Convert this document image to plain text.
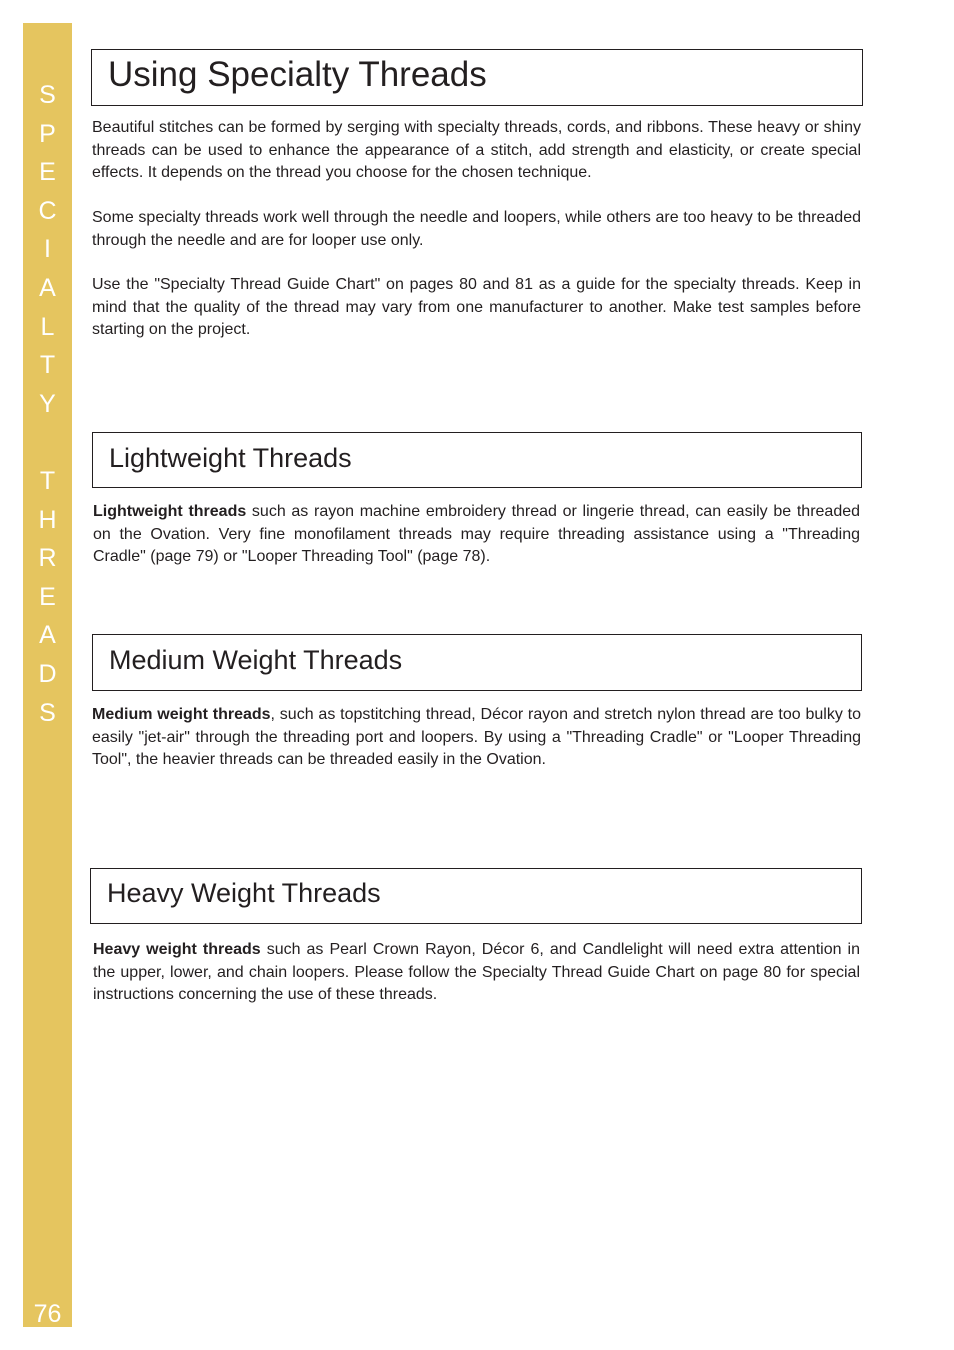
S
P
E
C
I
A
L
T
Y
T
H
R
E
A
D
S
76
Using Specialty Threads

Beautiful stitches can be formed by serging with specialty threads, cords, and ribbons. These heavy or shiny threads can be used to enhance the appearance of a stitch, add strength and elasticity, or create special effects. It depends on the thread you choose for the chosen technique.

Some specialty threads work well through the needle and loopers, while others are too heavy to be threaded through the needle and are for looper use only.

Use the "Specialty Thread Guide Chart" on pages 80 and 81 as a guide for the specialty threads. Keep in mind that the quality of the thread may vary from one manufacturer to another. Make test samples before starting on the project.

Lightweight Threads

Lightweight threads such as rayon machine embroidery thread or lingerie thread, can easily be threaded on the Ovation. Very fine monofilament threads may require threading assistance using a "Threading Cradle" (page 79) or "Looper Threading Tool" (page 78).

Medium Weight Threads

Medium weight threads, such as topstitching thread, Décor rayon and stretch nylon thread are too bulky to easily "jet-air" through the threading port and loopers. By using a "Threading Cradle" or "Looper Threading Tool", the heavier threads can be threaded easily in the Ovation.

Heavy Weight Threads

Heavy weight threads such as Pearl Crown Rayon, Décor 6, and Candlelight will need extra attention in the upper, lower, and chain loopers. Please follow the Specialty Thread Guide Chart on page 80 for special instructions concerning the use of these threads.
